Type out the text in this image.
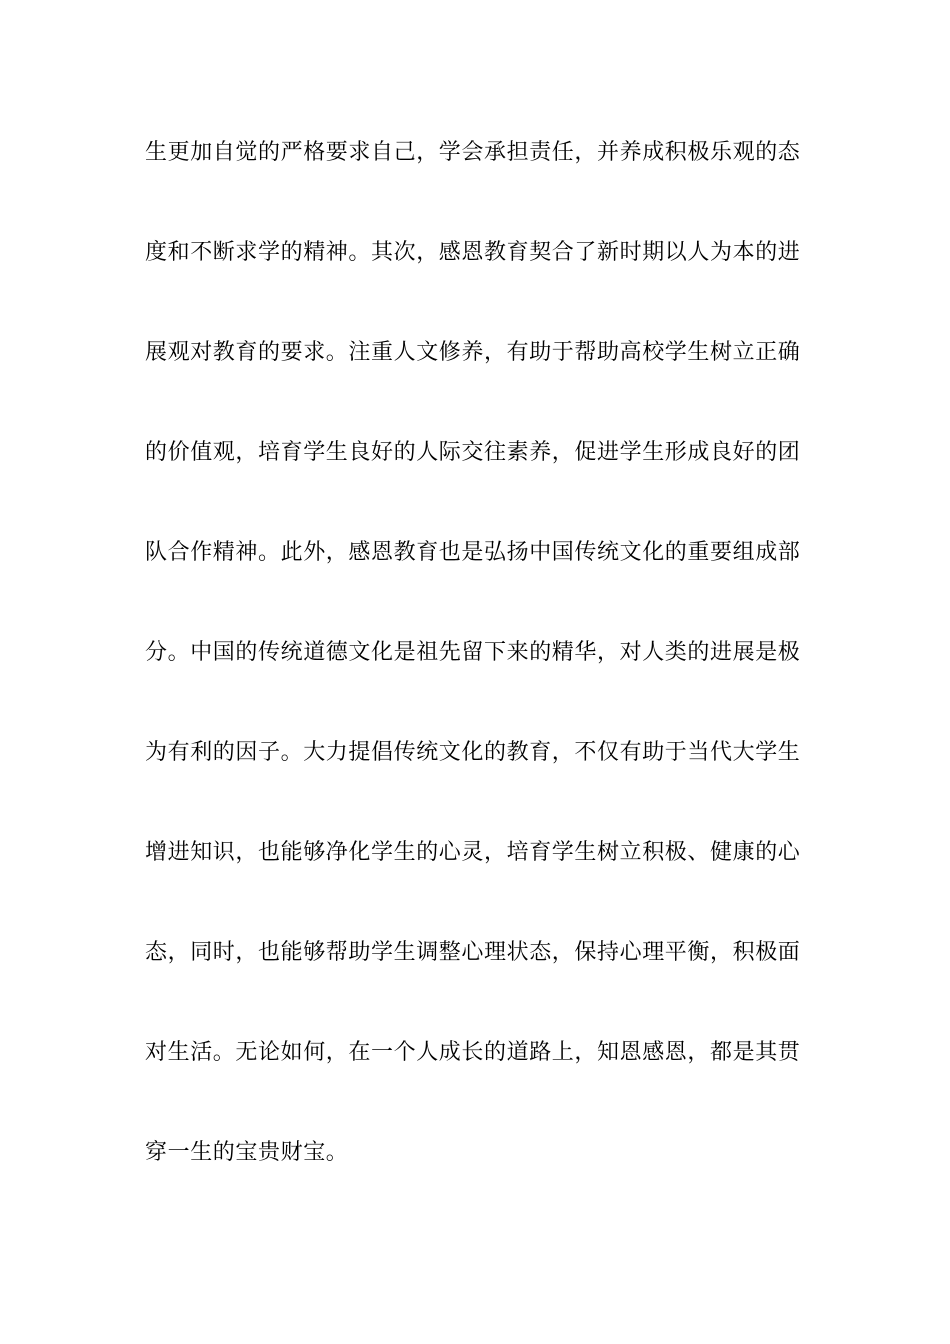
生更加自觉的严格要求自己，学会承担责任，并养成积极乐观的态
度和不断求学的精神。其次，感恩教育契合了新时期以人为本的进
展观对教育的要求。注重人文修养，有助于帮助高校学生树立正确
的价值观，培育学生良好的人际交往素养，促进学生形成良好的团
队合作精神。此外，感恩教育也是弘扬中国传统文化的重要组成部
分。中国的传统道德文化是祖先留下来的精华，对人类的进展是极
为有利的因子。大力提倡传统文化的教育，不仅有助于当代大学生
增进知识，也能够净化学生的心灵，培育学生树立积极、健康的心
态，同时，也能够帮助学生调整心理状态，保持心理平衡，积极面
对生活。无论如何，在一个人成长的道路上，知恩感恩，都是其贯
穿一生的宝贵财宝。
